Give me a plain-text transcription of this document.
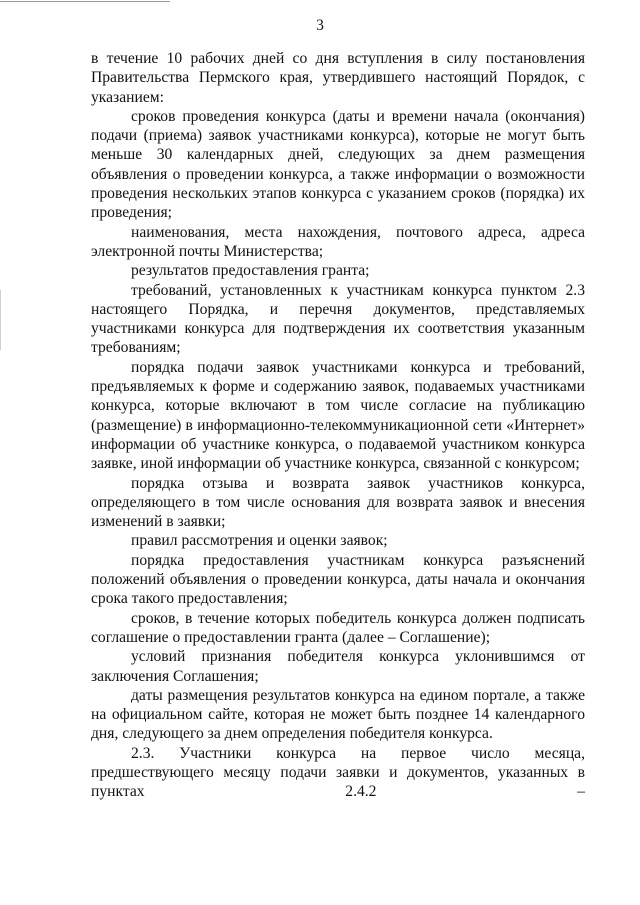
3

в течение 10 рабочих дней со дня вступления в силу постановления Правительства Пермского края, утвердившего настоящий Порядок, с указанием:

сроков проведения конкурса (даты и времени начала (окончания) подачи (приема) заявок участниками конкурса), которые не могут быть меньше 30 календарных дней, следующих за днем размещения объявления о проведении конкурса, а также информации о возможности проведения нескольких этапов конкурса с указанием сроков (порядка) их проведения;

наименования, места нахождения, почтового адреса, адреса электронной почты Министерства;

результатов предоставления гранта;

требований, установленных к участникам конкурса пунктом 2.3 настоящего Порядка, и перечня документов, представляемых участниками конкурса для подтверждения их соответствия указанным требованиям;

порядка подачи заявок участниками конкурса и требований, предъявляемых к форме и содержанию заявок, подаваемых участниками конкурса, которые включают в том числе согласие на публикацию (размещение) в информационно-телекоммуникационной сети «Интернет» информации об участнике конкурса, о подаваемой участником конкурса заявке, иной информации об участнике конкурса, связанной с конкурсом;

порядка отзыва и возврата заявок участников конкурса, определяющего в том числе основания для возврата заявок и внесения изменений в заявки;

правил рассмотрения и оценки заявок;

порядка предоставления участникам конкурса разъяснений положений объявления о проведении конкурса, даты начала и окончания срока такого предоставления;

сроков, в течение которых победитель конкурса должен подписать соглашение о предоставлении гранта (далее – Соглашение);

условий признания победителя конкурса уклонившимся от заключения Соглашения;

даты размещения результатов конкурса на едином портале, а также на официальном сайте, которая не может быть позднее 14 календарного дня, следующего за днем определения победителя конкурса.

2.3. Участники конкурса на первое число месяца, предшествующего месяцу подачи заявки и документов, указанных в пунктах 2.4.2 –
